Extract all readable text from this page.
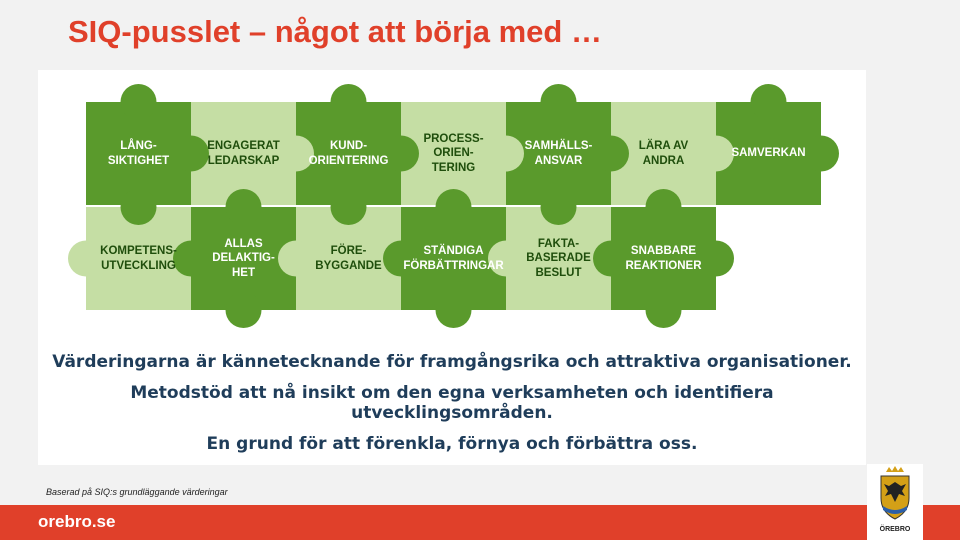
SIQ-pusslet – något att börja med …
LÅNG-
SIKTIGHET
ENGAGERAT
LEDARSKAP
KUND-
ORIENTERING
PROCESS-
ORIEN-
TERING
SAMHÄLLS-
ANSVAR
LÄRA AV
ANDRA
SAMVERKAN
KOMPETENS-
UTVECKLING
ALLAS
DELAKTIG-
HET
FÖRE-
BYGGANDE
STÄNDIGA
FÖRBÄTTRINGAR
FAKTA-
BASERADE
BESLUT
SNABBARE
REAKTIONER

Värderingarna är kännetecknande för framgångsrika och attraktiva organisationer.

Metodstöd att nå insikt om den egna verksamheten och identifiera utvecklingsområden.

En grund för att förenkla, förnya och förbättra oss.

Baserad på SIQ:s grundläggande värderingar
orebro.se	ÖREBRO
